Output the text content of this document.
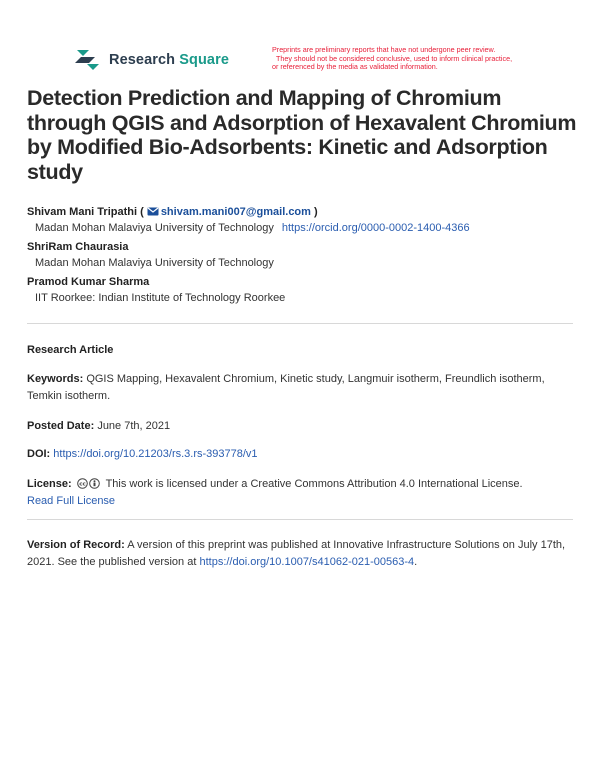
Research Square
Preprints are preliminary reports that have not undergone peer review.
They should not be considered conclusive, used to inform clinical practice,
or referenced by the media as validated information.
Detection Prediction and Mapping of Chromium through QGIS and Adsorption of Hexavalent Chromium by Modified Bio-Adsorbents: Kinetic and Adsorption study
Shivam Mani Tripathi ( shivam.mani007@gmail.com )
Madan Mohan Malaviya University of Technology https://orcid.org/0000-0002-1400-4366
ShriRam Chaurasia
Madan Mohan Malaviya University of Technology
Pramod Kumar Sharma
IIT Roorkee: Indian Institute of Technology Roorkee
Research Article
Keywords: QGIS Mapping, Hexavalent Chromium, Kinetic study, Langmuir isotherm, Freundlich isotherm, Temkin isotherm.
Posted Date: June 7th, 2021
DOI: https://doi.org/10.21203/rs.3.rs-393778/v1
License: cc This work is licensed under a Creative Commons Attribution 4.0 International License.
Read Full License
Version of Record: A version of this preprint was published at Innovative Infrastructure Solutions on July 17th, 2021. See the published version at https://doi.org/10.1007/s41062-021-00563-4.
